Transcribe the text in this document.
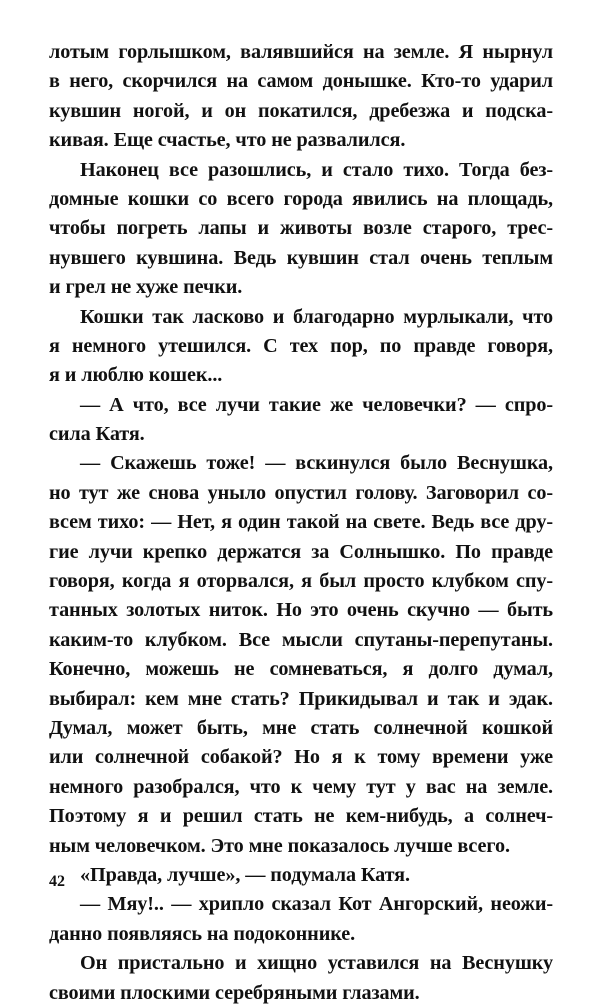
лотым горлышком, валявшийся на земле. Я нырнул
в него, скорчился на самом донышке. Кто-то ударил
кувшин ногой, и он покатился, дребезжа и подска-
кивая. Еще счастье, что не развалился.
Наконец все разошлись, и стало тихо. Тогда без-
домные кошки со всего города явились на площадь,
чтобы погреть лапы и животы возле старого, трес-
нувшего кувшина. Ведь кувшин стал очень теплым
и грел не хуже печки.
Кошки так ласково и благодарно мурлыкали, что
я немного утешился. С тех пор, по правде говоря,
я и люблю кошек...
— А что, все лучи такие же человечки? — спро-
сила Катя.
— Скажешь тоже! — вскинулся было Веснушка,
но тут же снова уныло опустил голову. Заговорил со-
всем тихо: — Нет, я один такой на свете. Ведь все дру-
гие лучи крепко держатся за Солнышко. По правде
говоря, когда я оторвался, я был просто клубком спу-
танных золотых ниток. Но это очень скучно — быть
каким-то клубком. Все мысли спутаны-перепутаны.
Конечно, можешь не сомневаться, я долго думал,
выбирал: кем мне стать? Прикидывал и так и эдак.
Думал, может быть, мне стать солнечной кошкой
или солнечной собакой? Но я к тому времени уже
немного разобрался, что к чему тут у вас на земле.
Поэтому я и решил стать не кем-нибудь, а солнеч-
ным человечком. Это мне показалось лучше всего.
«Правда, лучше», — подумала Катя.
— Мяу!.. — хрипло сказал Кот Ангорский, неожи-
данно появляясь на подоконнике.
Он пристально и хищно уставился на Веснушку
своими плоскими серебряными глазами.
42
